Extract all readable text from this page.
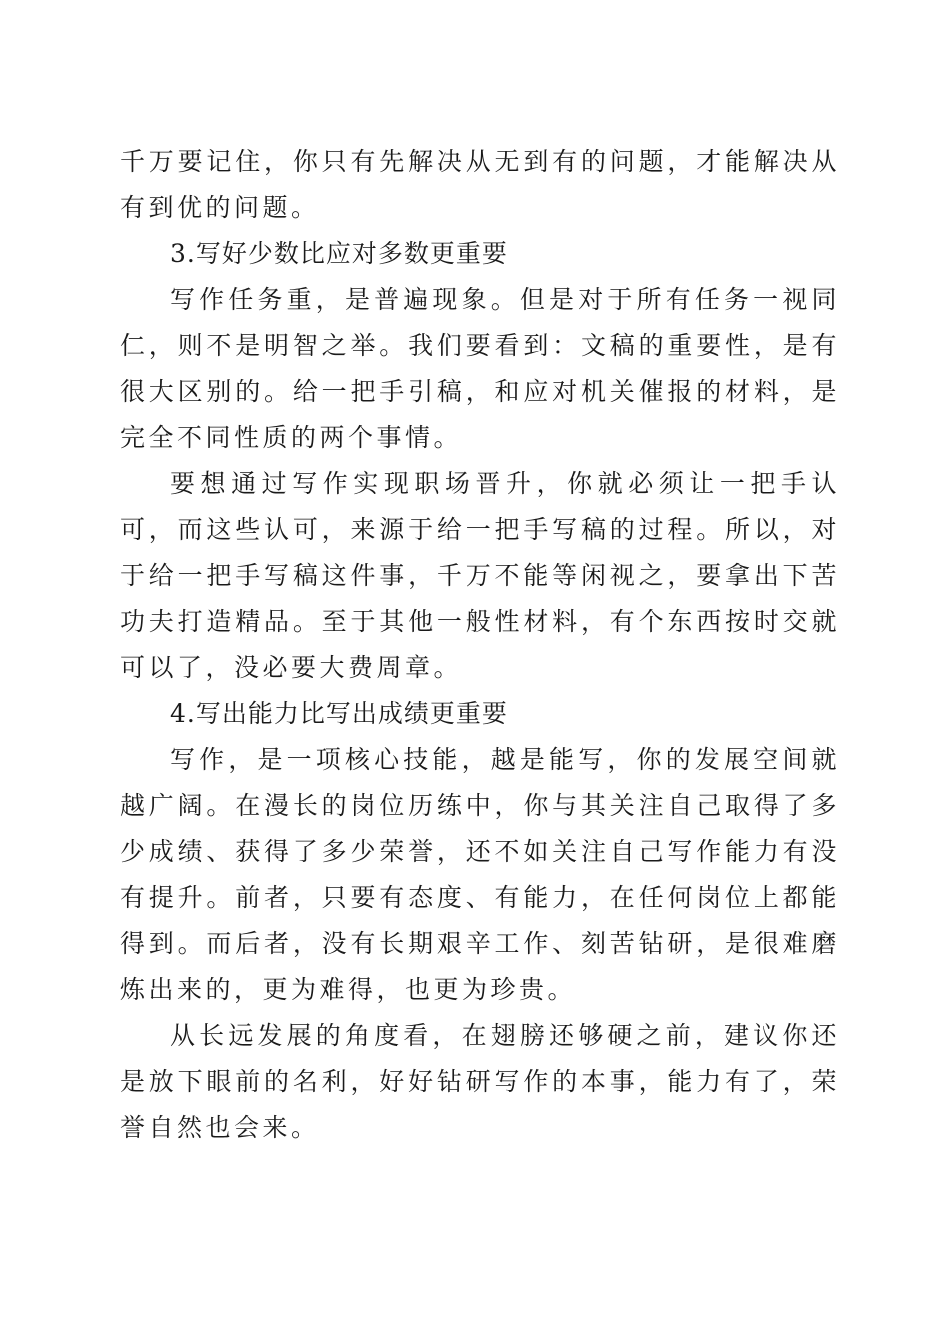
千万要记住，你只有先解决从无到有的问题，才能解决从有到优的问题。

3.写好少数比应对多数更重要

写作任务重，是普遍现象。但是对于所有任务一视同仁，则不是明智之举。我们要看到：文稿的重要性，是有很大区别的。给一把手引稿，和应对机关催报的材料，是完全不同性质的两个事情。

要想通过写作实现职场晋升，你就必须让一把手认可，而这些认可，来源于给一把手写稿的过程。所以，对于给一把手写稿这件事，千万不能等闲视之，要拿出下苦功夫打造精品。至于其他一般性材料，有个东西按时交就可以了，没必要大费周章。

4.写出能力比写出成绩更重要

写作，是一项核心技能，越是能写，你的发展空间就越广阔。在漫长的岗位历练中，你与其关注自己取得了多少成绩、获得了多少荣誉，还不如关注自己写作能力有没有提升。前者，只要有态度、有能力，在任何岗位上都能得到。而后者，没有长期艰辛工作、刻苦钻研，是很难磨炼出来的，更为难得，也更为珍贵。

从长远发展的角度看，在翅膀还够硬之前，建议你还是放下眼前的名利，好好钻研写作的本事，能力有了，荣誉自然也会来。
